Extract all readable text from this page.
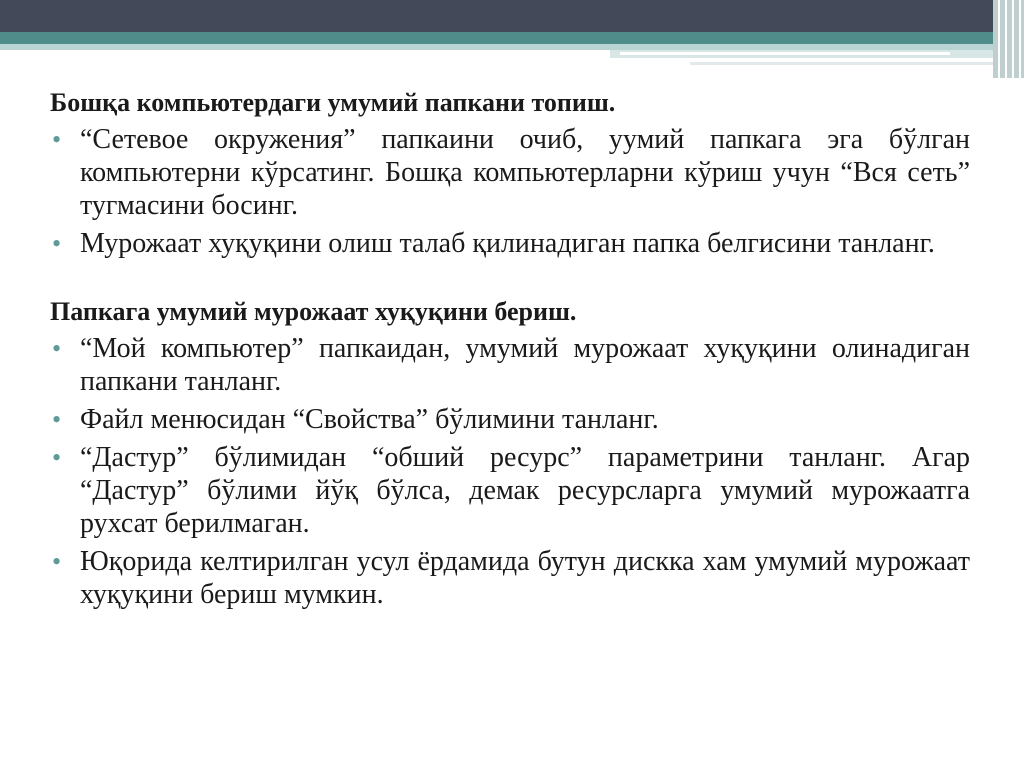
Бошқа компьютердаги умумий папкани топиш.
• “Сетевое окружения” папкаини очиб, уумий папкага эга бўлган компьютерни кўрсатинг. Бошқа компьютерларни кўриш учун “Вся сеть” тугмасини босинг.
• Мурожаат хуқуқини олиш талаб қилинадиган папка белгисини танланг.
Папкага умумий мурожаат хуқуқини бериш.
• “Мой компьютер” папкаидан, умумий мурожаат хуқуқини олинадиган папкани танланг.
• Файл менюсидан “Свойства” бўлимини танланг.
• “Дастур” бўлимидан “обший ресурс” параметрини танланг. Агар “Дастур” бўлими йўқ бўлса, демак ресурсларга умумий мурожаатга рухсат берилмаган.
• Юқорида келтирилган усул ёрдамида бутун дискка хам умумий мурожаат хуқуқини бериш мумкин.
